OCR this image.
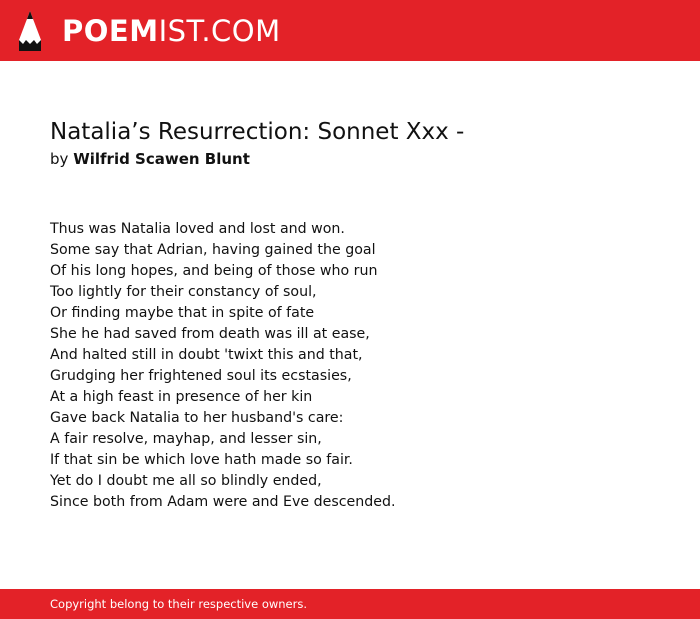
POEMIST.COM
Natalia’s Resurrection: Sonnet Xxx -
by Wilfrid Scawen Blunt
Thus was Natalia loved and lost and won.
Some say that Adrian, having gained the goal
Of his long hopes, and being of those who run
Too lightly for their constancy of soul,
Or finding maybe that in spite of fate
She he had saved from death was ill at ease,
And halted still in doubt 'twixt this and that,
Grudging her frightened soul its ecstasies,
At a high feast in presence of her kin
Gave back Natalia to her husband's care:
A fair resolve, mayhap, and lesser sin,
If that sin be which love hath made so fair.
Yet do I doubt me all so blindly ended,
Since both from Adam were and Eve descended.
Copyright belong to their respective owners.
